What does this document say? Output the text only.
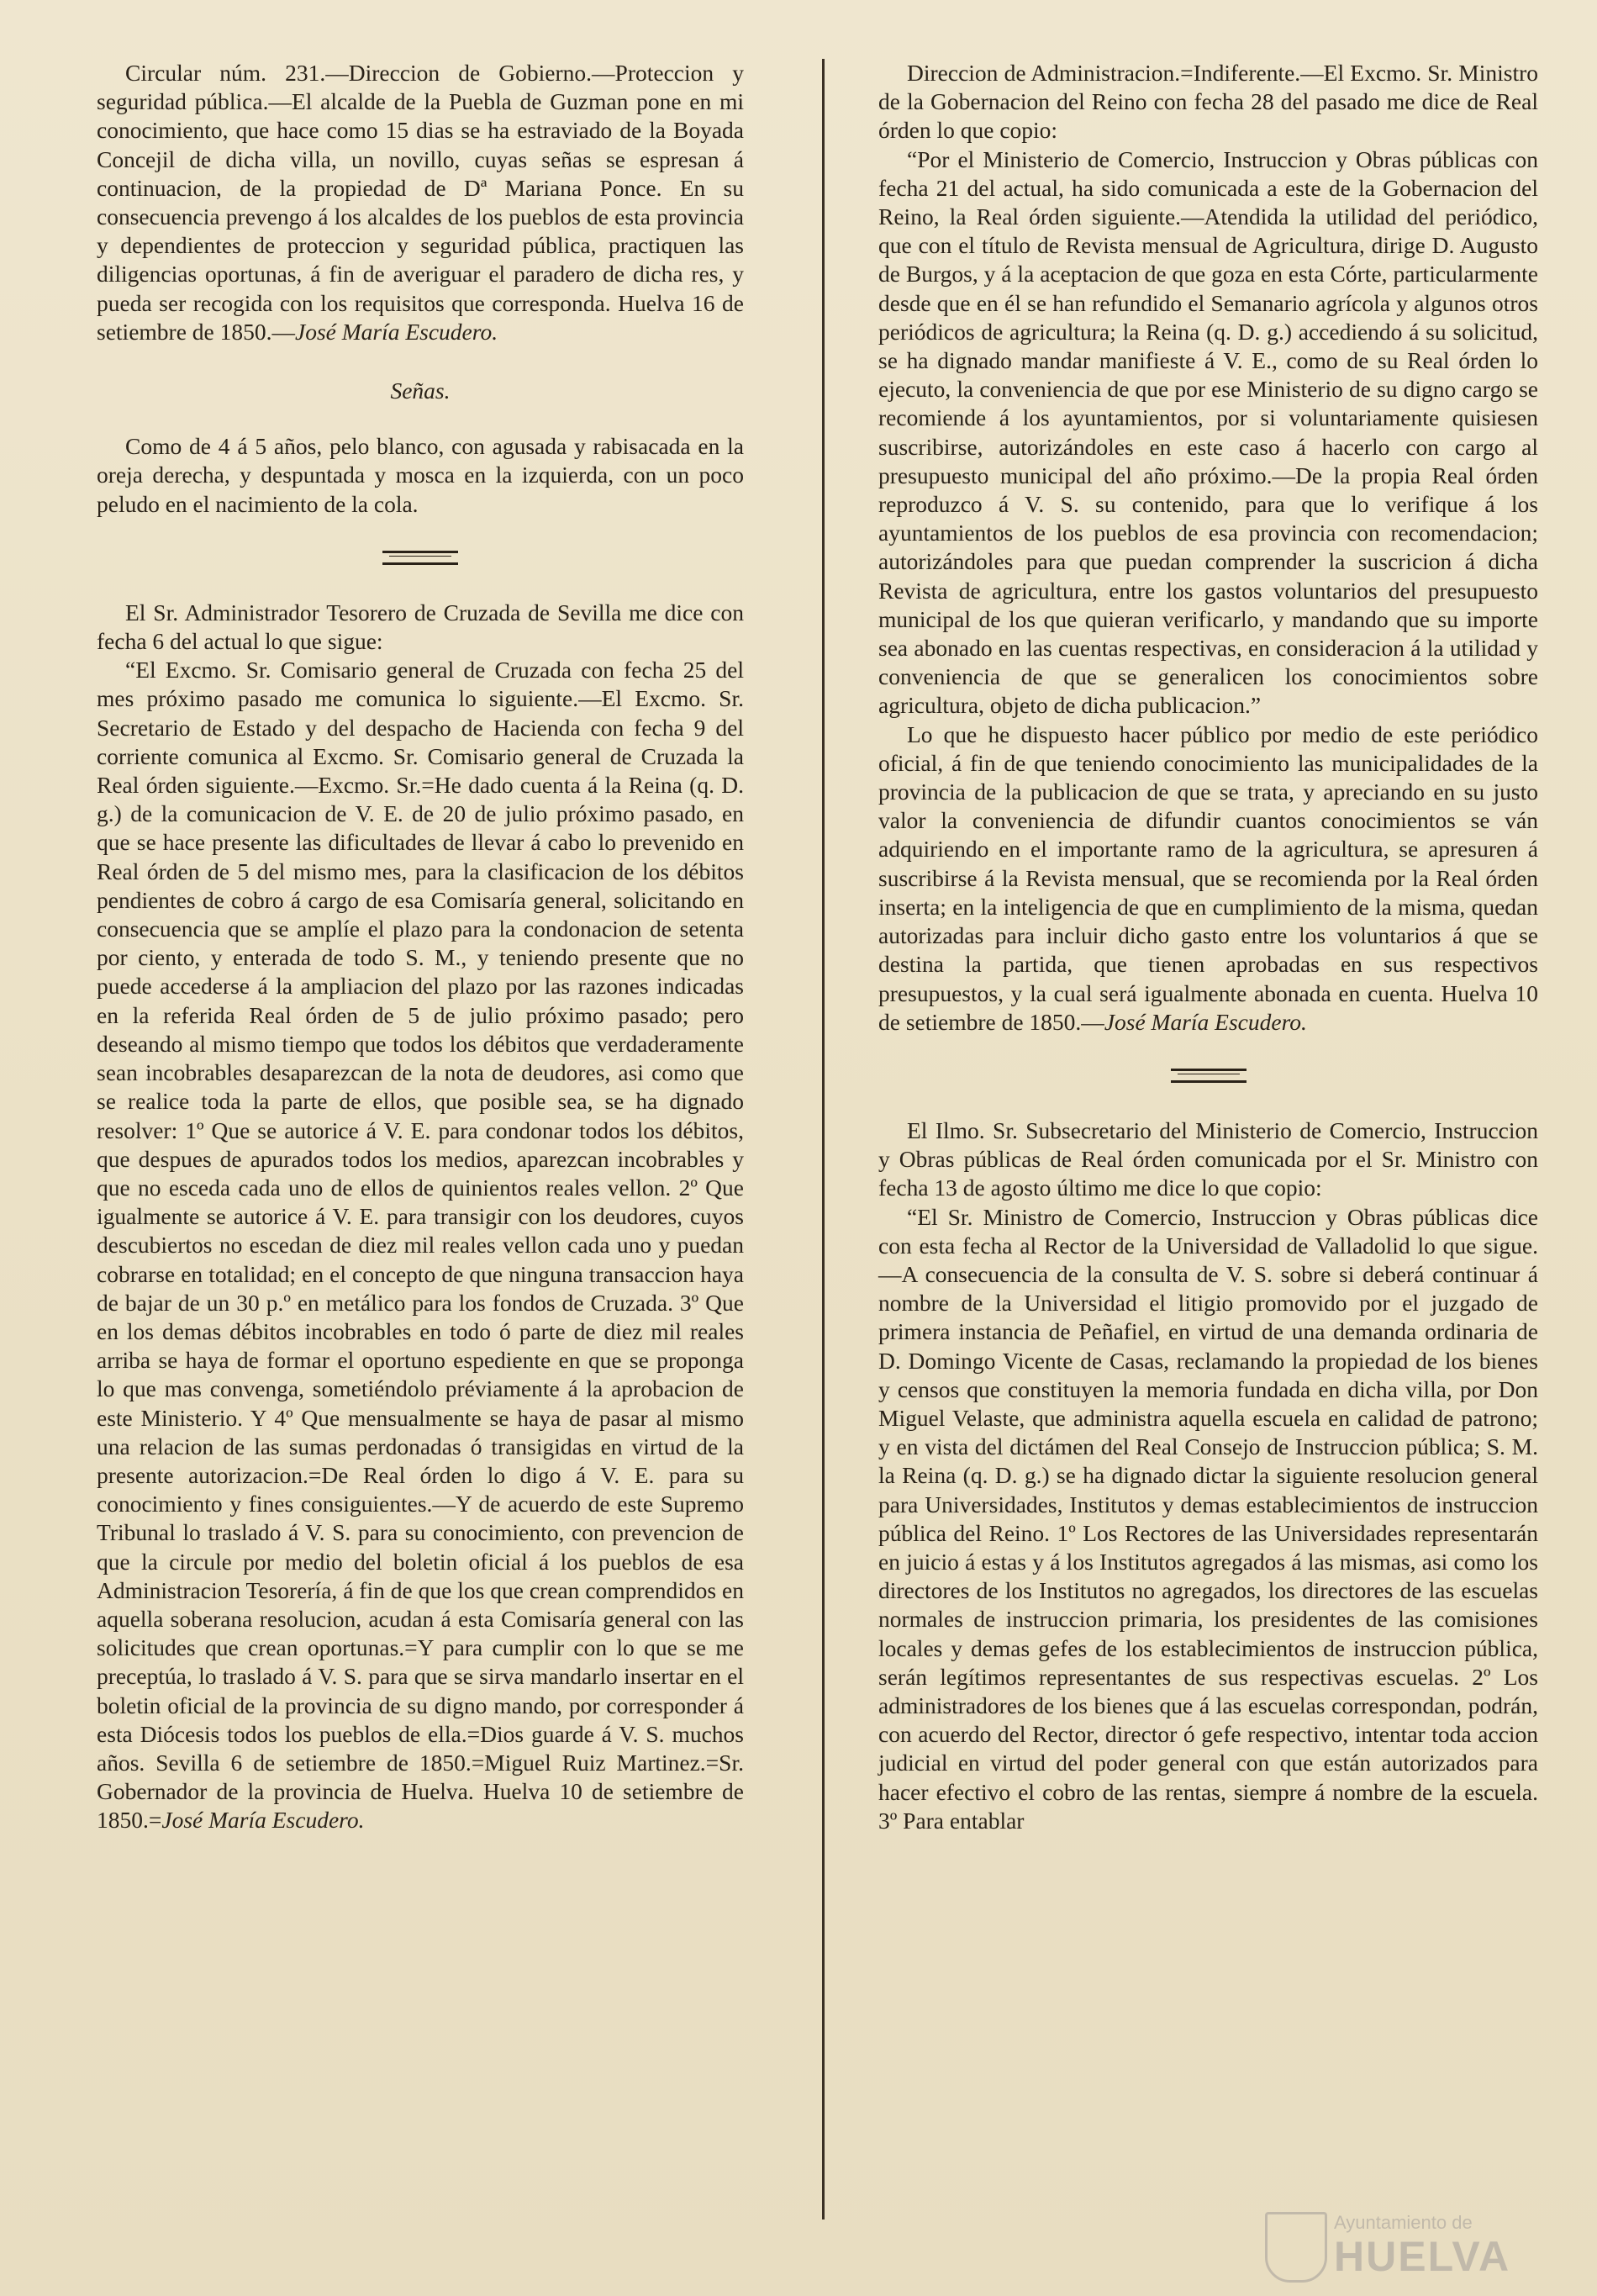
Circular núm. 231.—Direccion de Gobierno.—Proteccion y seguridad pública.—El alcalde de la Puebla de Guzman pone en mi conocimiento, que hace como 15 dias se ha estraviado de la Boyada Concejil de dicha villa, un novillo, cuyas señas se espresan á continuacion, de la propiedad de Dª Mariana Ponce. En su consecuencia prevengo á los alcaldes de los pueblos de esta provincia y dependientes de proteccion y seguridad pública, practiquen las diligencias oportunas, á fin de averiguar el paradero de dicha res, y pueda ser recogida con los requisitos que corresponda. Huelva 16 de setiembre de 1850.—José María Escudero.

Señas.

Como de 4 á 5 años, pelo blanco, con agusada y rabisacada en la oreja derecha, y despuntada y mosca en la izquierda, con un poco peludo en el nacimiento de la cola.

El Sr. Administrador Tesorero de Cruzada de Sevilla me dice con fecha 6 del actual lo que sigue:

“El Excmo. Sr. Comisario general de Cruzada con fecha 25 del mes próximo pasado me comunica lo siguiente.—El Excmo. Sr. Secretario de Estado y del despacho de Hacienda con fecha 9 del corriente comunica al Excmo. Sr. Comisario general de Cruzada la Real órden siguiente.—Excmo. Sr.=He dado cuenta á la Reina (q. D. g.) de la comunicacion de V. E. de 20 de julio próximo pasado, en que se hace presente las dificultades de llevar á cabo lo prevenido en Real órden de 5 del mismo mes, para la clasificacion de los débitos pendientes de cobro á cargo de esa Comisaría general, solicitando en consecuencia que se amplíe el plazo para la condonacion de setenta por ciento, y enterada de todo S. M., y teniendo presente que no puede accederse á la ampliacion del plazo por las razones indicadas en la referida Real órden de 5 de julio próximo pasado; pero deseando al mismo tiempo que todos los débitos que verdaderamente sean incobrables desaparezcan de la nota de deudores, asi como que se realice toda la parte de ellos, que posible sea, se ha dignado resolver: 1º Que se autorice á V. E. para condonar todos los débitos, que despues de apurados todos los medios, aparezcan incobrables y que no esceda cada uno de ellos de quinientos reales vellon. 2º Que igualmente se autorice á V. E. para transigir con los deudores, cuyos descubiertos no escedan de diez mil reales vellon cada uno y puedan cobrarse en totalidad; en el concepto de que ninguna transaccion haya de bajar de un 30 p.º en metálico para los fondos de Cruzada. 3º Que en los demas débitos incobrables en todo ó parte de diez mil reales arriba se haya de formar el oportuno espediente en que se proponga lo que mas convenga, sometiéndolo préviamente á la aprobacion de este Ministerio. Y 4º Que mensualmente se haya de pasar al mismo una relacion de las sumas perdonadas ó transigidas en virtud de la presente autorizacion.=De Real órden lo digo á V. E. para su conocimiento y fines consiguientes.—Y de acuerdo de este Supremo Tribunal lo traslado á V. S. para su conocimiento, con prevencion de que la circule por medio del boletin oficial á los pueblos de esa Administracion Tesorería, á fin de que los que crean comprendidos en aquella soberana resolucion, acudan á esta Comisaría general con las solicitudes que crean oportunas.=Y para cumplir con lo que se me preceptúa, lo traslado á V. S. para que se sirva mandarlo insertar en el boletin oficial de la provincia de su digno mando, por corresponder á esta Diócesis todos los pueblos de ella.=Dios guarde á V. S. muchos años. Sevilla 6 de setiembre de 1850.=Miguel Ruiz Martinez.=Sr. Gobernador de la provincia de Huelva. Huelva 10 de setiembre de 1850.=José María Escudero.

Direccion de Administracion.=Indiferente.—El Excmo. Sr. Ministro de la Gobernacion del Reino con fecha 28 del pasado me dice de Real órden lo que copio:

“Por el Ministerio de Comercio, Instruccion y Obras públicas con fecha 21 del actual, ha sido comunicada a este de la Gobernacion del Reino, la Real órden siguiente.—Atendida la utilidad del periódico, que con el título de Revista mensual de Agricultura, dirige D. Augusto de Burgos, y á la aceptacion de que goza en esta Córte, particularmente desde que en él se han refundido el Semanario agrícola y algunos otros periódicos de agricultura; la Reina (q. D. g.) accediendo á su solicitud, se ha dignado mandar manifieste á V. E., como de su Real órden lo ejecuto, la conveniencia de que por ese Ministerio de su digno cargo se recomiende á los ayuntamientos, por si voluntariamente quisiesen suscribirse, autorizándoles en este caso á hacerlo con cargo al presupuesto municipal del año próximo.—De la propia Real órden reproduzco á V. S. su contenido, para que lo verifique á los ayuntamientos de los pueblos de esa provincia con recomendacion; autorizándoles para que puedan comprender la suscricion á dicha Revista de agricultura, entre los gastos voluntarios del presupuesto municipal de los que quieran verificarlo, y mandando que su importe sea abonado en las cuentas respectivas, en consideracion á la utilidad y conveniencia de que se generalicen los conocimientos sobre agricultura, objeto de dicha publicacion.”

Lo que he dispuesto hacer público por medio de este periódico oficial, á fin de que teniendo conocimiento las municipalidades de la provincia de la publicacion de que se trata, y apreciando en su justo valor la conveniencia de difundir cuantos conocimientos se ván adquiriendo en el importante ramo de la agricultura, se apresuren á suscribirse á la Revista mensual, que se recomienda por la Real órden inserta; en la inteligencia de que en cumplimiento de la misma, quedan autorizadas para incluir dicho gasto entre los voluntarios á que se destina la partida, que tienen aprobadas en sus respectivos presupuestos, y la cual será igualmente abonada en cuenta. Huelva 10 de setiembre de 1850.—José María Escudero.

El Ilmo. Sr. Subsecretario del Ministerio de Comercio, Instruccion y Obras públicas de Real órden comunicada por el Sr. Ministro con fecha 13 de agosto último me dice lo que copio:

“El Sr. Ministro de Comercio, Instruccion y Obras públicas dice con esta fecha al Rector de la Universidad de Valladolid lo que sigue.—A consecuencia de la consulta de V. S. sobre si deberá continuar á nombre de la Universidad el litigio promovido por el juzgado de primera instancia de Peñafiel, en virtud de una demanda ordinaria de D. Domingo Vicente de Casas, reclamando la propiedad de los bienes y censos que constituyen la memoria fundada en dicha villa, por Don Miguel Velaste, que administra aquella escuela en calidad de patrono; y en vista del dictámen del Real Consejo de Instruccion pública; S. M. la Reina (q. D. g.) se ha dignado dictar la siguiente resolucion general para Universidades, Institutos y demas establecimientos de instruccion pública del Reino. 1º Los Rectores de las Universidades representarán en juicio á estas y á los Institutos agregados á las mismas, asi como los directores de los Institutos no agregados, los directores de las escuelas normales de instruccion primaria, los presidentes de las comisiones locales y demas gefes de los establecimientos de instruccion pública, serán legítimos representantes de sus respectivas escuelas. 2º Los administradores de los bienes que á las escuelas correspondan, podrán, con acuerdo del Rector, director ó gefe respectivo, intentar toda accion judicial en virtud del poder general con que están autorizados para hacer efectivo el cobro de las rentas, siempre á nombre de la escuela. 3º Para entablar

Ayuntamiento de
HUELVA
